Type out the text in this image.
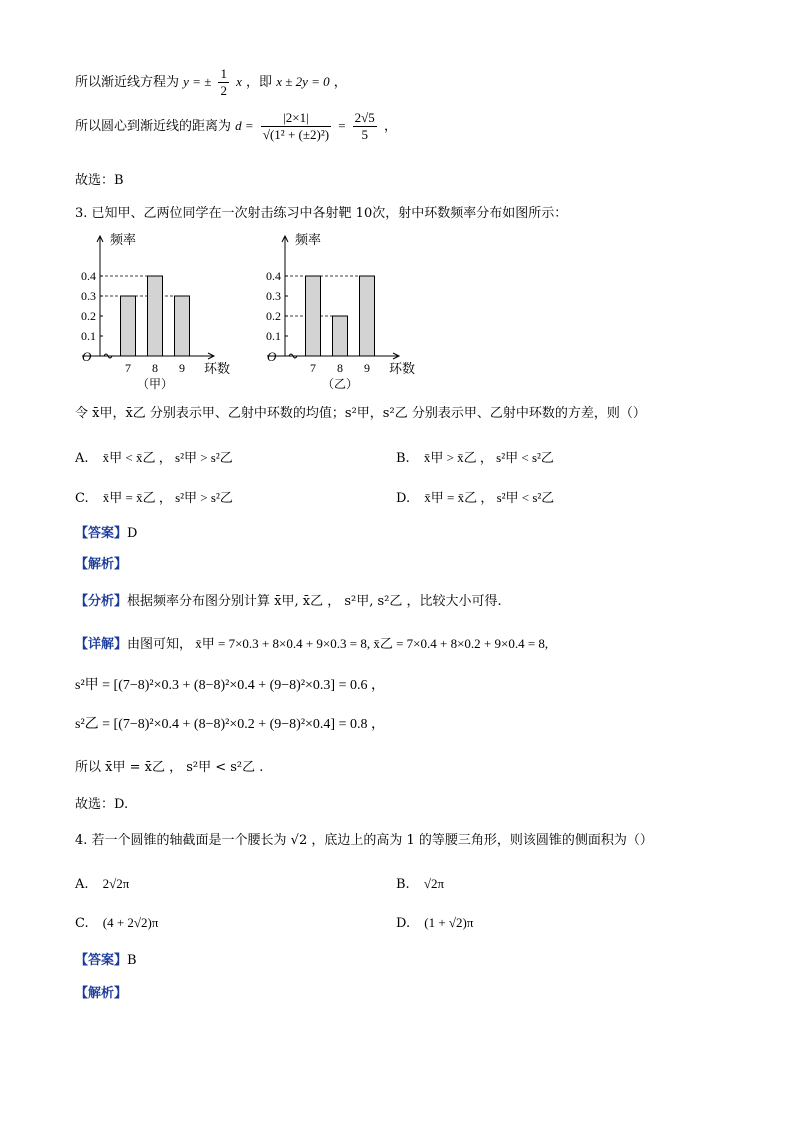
所以渐近线方程为 y = ± $\frac{1}{2}$ x ，即 x ± 2y = 0 ，
所以圆心到渐近线的距离为 $d = \frac{|2\times 1|}{\text{√(1² + (±2)²)}} = \frac{2√5}{5}$ ，
故选：B
3. 已知甲、乙两位同学在一次射击练习中各射靶 10次，射中环数频率分布如图所示：
0.1
0.2
0.3
0.4
7 8 9
O
频率
环数
（甲）
0.1
0.2
0.3
0.4
7 8 9
O
频率
环数
（乙）
令 x̄甲，x̄乙 分别表示甲、乙射中环数的均值；s²甲，s²乙 分别表示甲、乙射中环数的方差，则（）
A. x̄甲 < x̄乙 ， s²甲 > s²乙	B. x̄甲 > x̄乙 ， s²甲 < s²乙
C. x̄甲 = x̄乙 ， s²甲 > s²乙	D. x̄甲 = x̄乙 ， s²甲 < s²乙
【答案】D
【解析】
【分析】根据频率分布图分别计算 x̄甲, x̄乙 ， s²甲, s²乙 ，比较大小可得.
【详解】由图可知， x̄甲 = 7×0.3 + 8×0.4 + 9×0.3 = 8, x̄乙 = 7×0.4 + 8×0.2 + 9×0.4 = 8,
s²甲 = [(7−8)²×0.3 + (8−8)²×0.4 + (9−8)²×0.3] = 0.6 ，
s²乙 = [(7−8)²×0.4 + (8−8)²×0.2 + (9−8)²×0.4] = 0.8 ，
所以 x̄甲 = x̄乙 ， s²甲 < s²乙 .
故选：D.
4. 若一个圆锥的轴截面是一个腰长为 √2 ，底边上的高为 1 的等腰三角形，则该圆锥的侧面积为（）
A. 2√2π	B. √2π
C. (4 + 2√2)π	D. (1 + √2)π
【答案】B
【解析】
